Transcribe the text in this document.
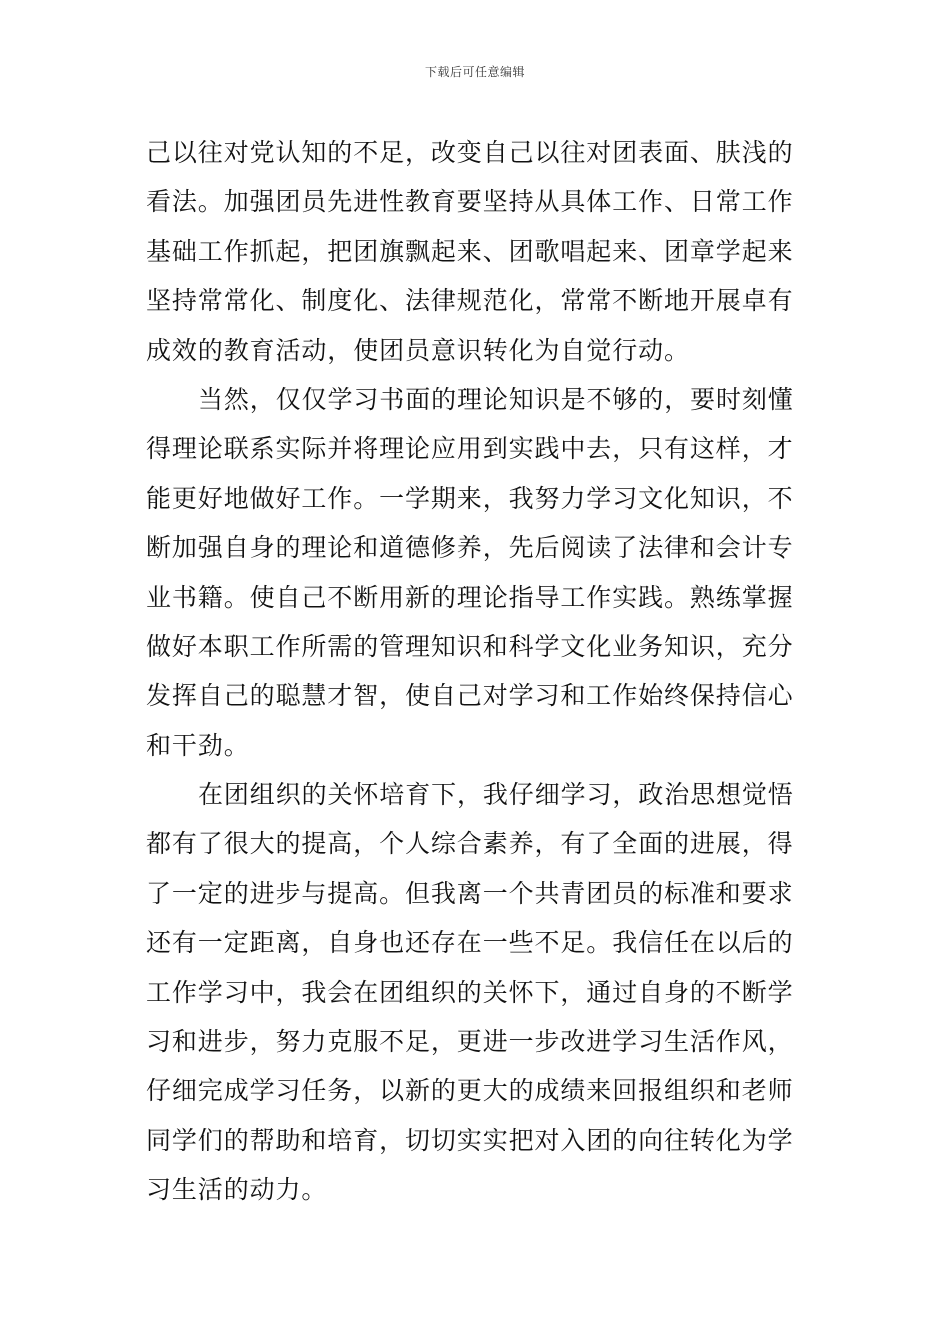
下载后可任意编辑
己以往对党认知的不足，改变自己以往对团表面、肤浅的
看法。加强团员先进性教育要坚持从具体工作、日常工作
基础工作抓起，把团旗飘起来、团歌唱起来、团章学起来
坚持常常化、制度化、法律规范化，常常不断地开展卓有
成效的教育活动，使团员意识转化为自觉行动。
当然，仅仅学习书面的理论知识是不够的，要时刻懂
得理论联系实际并将理论应用到实践中去，只有这样，才
能更好地做好工作。一学期来，我努力学习文化知识，不
断加强自身的理论和道德修养，先后阅读了法律和会计专
业书籍。使自己不断用新的理论指导工作实践。熟练掌握
做好本职工作所需的管理知识和科学文化业务知识，充分
发挥自己的聪慧才智，使自己对学习和工作始终保持信心
和干劲。
在团组织的关怀培育下，我仔细学习，政治思想觉悟
都有了很大的提高，个人综合素养，有了全面的进展，得
了一定的进步与提高。但我离一个共青团员的标准和要求
还有一定距离，自身也还存在一些不足。我信任在以后的
工作学习中，我会在团组织的关怀下，通过自身的不断学
习和进步，努力克服不足，更进一步改进学习生活作风，
仔细完成学习任务，以新的更大的成绩来回报组织和老师
同学们的帮助和培育，切切实实把对入团的向往转化为学
习生活的动力。
